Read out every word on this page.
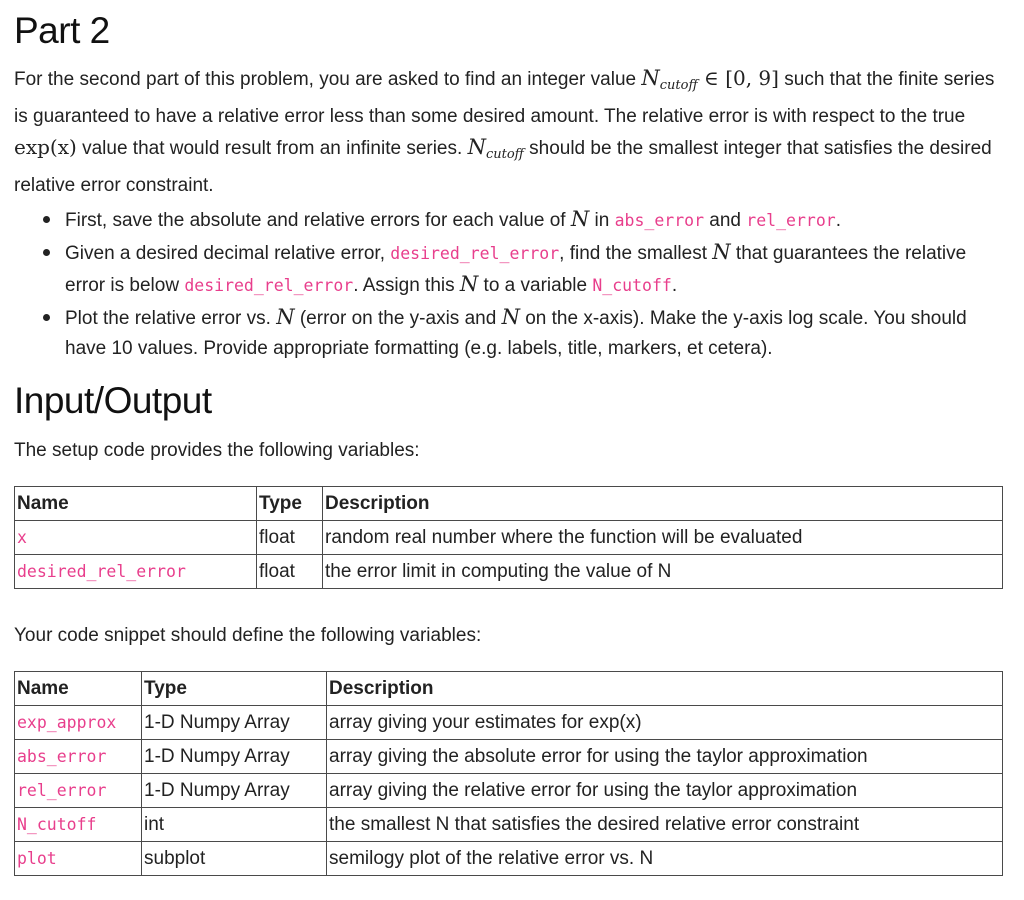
Part 2

For the second part of this problem, you are asked to find an integer value $N_{cutoff}$ ∈ [0, 9] such that the finite series is guaranteed to have a relative error less than some desired amount. The relative error is with respect to the true exp(x) value that would result from an infinite series. $N_{cutoff}$ should be the smallest integer that satisfies the desired relative error constraint.

First, save the absolute and relative errors for each value of N in abs_error and rel_error.
Given a desired decimal relative error, desired_rel_error, find the smallest N that guarantees the relative error is below desired_rel_error. Assign this N to a variable N_cutoff.
Plot the relative error vs. N (error on the y-axis and N on the x-axis). Make the y-axis log scale. You should have 10 values. Provide appropriate formatting (e.g. labels, title, markers, et cetera).
Input/Output

The setup code provides the following variables:

Name	Type	Description
x	float	random real number where the function will be evaluated
desired_rel_error	float	the error limit in computing the value of N

Your code snippet should define the following variables:

Name	Type	Description
exp_approx	1-D Numpy Array	array giving your estimates for exp(x)
abs_error	1-D Numpy Array	array giving the absolute error for using the taylor approximation
rel_error	1-D Numpy Array	array giving the relative error for using the taylor approximation
N_cutoff	int	the smallest N that satisfies the desired relative error constraint
plot	subplot	semilogy plot of the relative error vs. N
